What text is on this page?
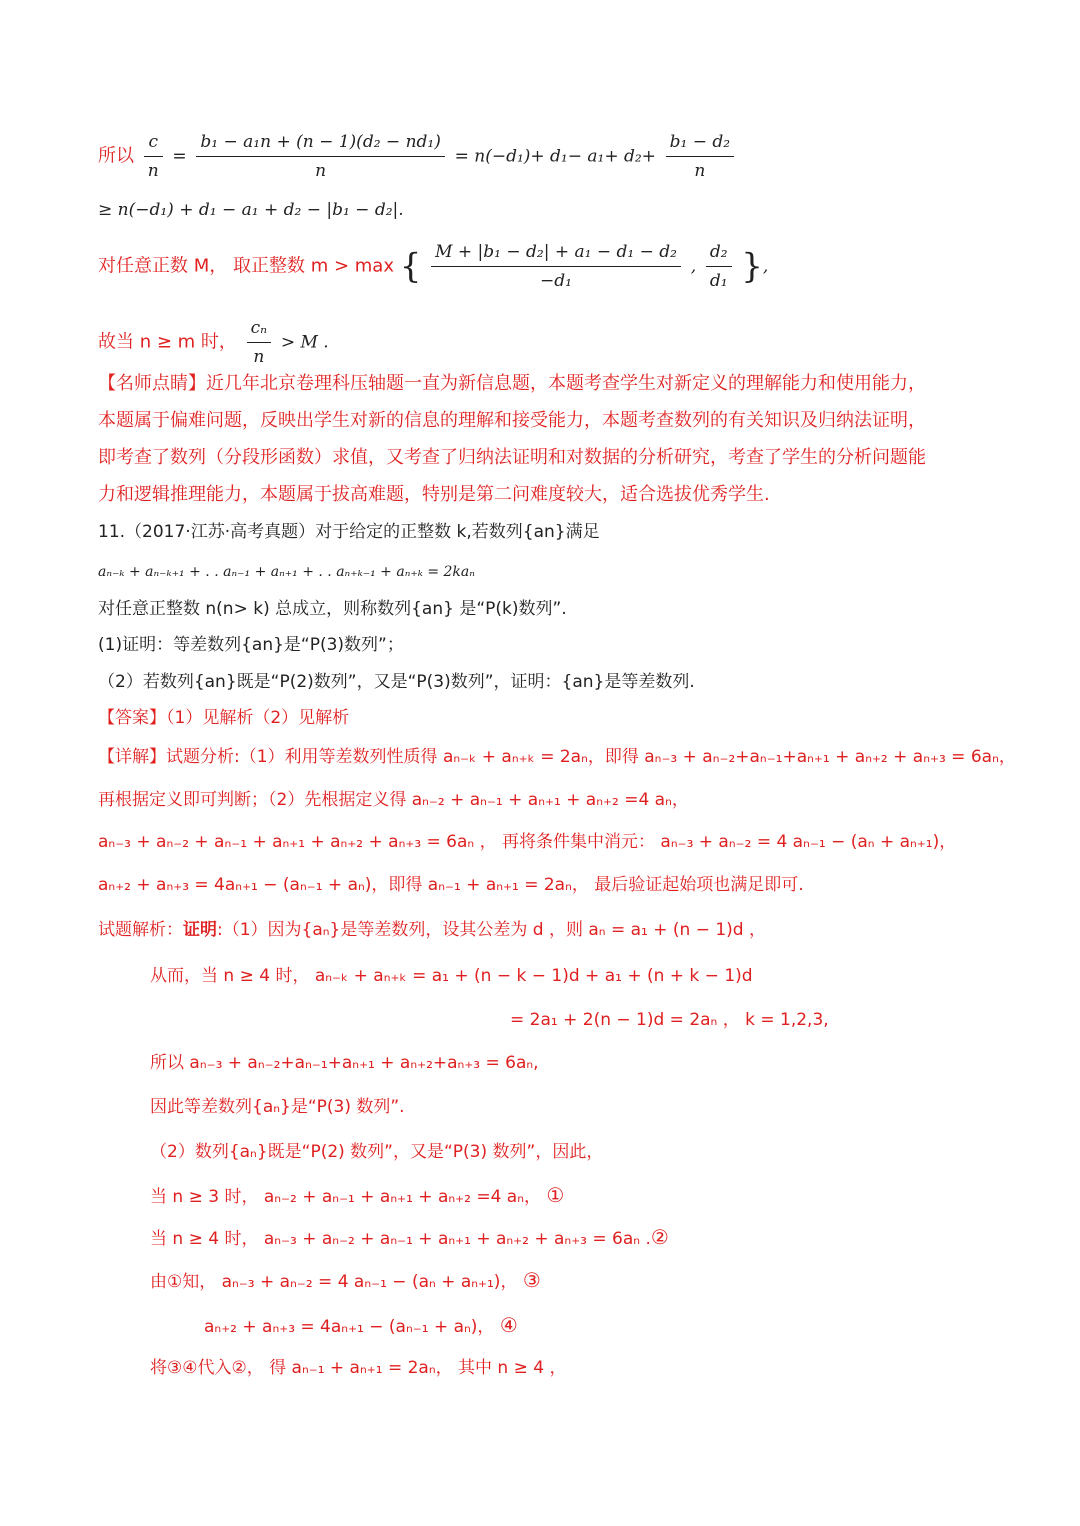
所以 $\frac{c}{n} = \frac{\text{b₁ − a₁n + (n − 1)(d₂ − nd₁)}}{n} = n(-d_1)+ d_1- a_1+ d_2+ \frac{\text{b₁ − d₂}}{n}$
≥ n(−d₁) + d₁ − a₁ + d₂ − |b₁ − d₂|.
对任意正数 M， 取正整数 m > max { $\frac{\text{M + |b₁ − d₂| + a₁ − d₁ − d₂}}{\text{−d₁}}$ , $\frac{\text{d₂}}{\text{d₁}}$ },
故当 n ≥ m 时， $\frac{\text{cₙ}}{n} > M$ .
【名师点睛】近几年北京卷理科压轴题一直为新信息题，本题考查学生对新定义的理解能力和使用能力，
本题属于偏难问题，反映出学生对新的信息的理解和接受能力，本题考查数列的有关知识及归纳法证明，
即考查了数列（分段形函数）求值，又考查了归纳法证明和对数据的分析研究，考查了学生的分析问题能
力和逻辑推理能力，本题属于拔高难题，特别是第二问难度较大，适合选拔优秀学生.
11.（2017·江苏·高考真题）对于给定的正整数 k,若数列{an}满足
aₙ₋ₖ + aₙ₋ₖ₊₁ + . . aₙ₋₁ + aₙ₊₁ + . . aₙ₊ₖ₋₁ + aₙ₊ₖ = 2kaₙ
对任意正整数 n(n> k) 总成立，则称数列{an} 是“P(k)数列”.
(1)证明：等差数列{an}是“P(3)数列”；
（2）若数列{an}既是“P(2)数列”，又是“P(3)数列”，证明：{an}是等差数列.
【答案】（1）见解析（2）见解析
【详解】试题分析:（1）利用等差数列性质得 aₙ₋ₖ + aₙ₊ₖ = 2aₙ，即得 aₙ₋₃ + aₙ₋₂+aₙ₋₁+aₙ₊₁ + aₙ₊₂ + aₙ₊₃ = 6aₙ，
再根据定义即可判断；（2）先根据定义得 aₙ₋₂ + aₙ₋₁ + aₙ₊₁ + aₙ₊₂ =4 aₙ，
aₙ₋₃ + aₙ₋₂ + aₙ₋₁ + aₙ₊₁ + aₙ₊₂ + aₙ₊₃ = 6aₙ ， 再将条件集中消元： aₙ₋₃ + aₙ₋₂ = 4 aₙ₋₁ − (aₙ + aₙ₊₁)，
aₙ₊₂ + aₙ₊₃ = 4aₙ₊₁ − (aₙ₋₁ + aₙ)，即得 aₙ₋₁ + aₙ₊₁ = 2aₙ， 最后验证起始项也满足即可.
试题解析：证明:（1）因为{aₙ}是等差数列，设其公差为 d ，则 aₙ = a₁ + (n − 1)d ，
从而，当 n ≥ 4 时， aₙ₋ₖ + aₙ₊ₖ = a₁ + (n − k − 1)d + a₁ + (n + k − 1)d
= 2a₁ + 2(n − 1)d = 2aₙ ， k = 1,2,3,
所以 aₙ₋₃ + aₙ₋₂+aₙ₋₁+aₙ₊₁ + aₙ₊₂+aₙ₊₃ = 6aₙ,
因此等差数列{aₙ}是“P(3) 数列”.
（2）数列{aₙ}既是“P(2) 数列”，又是“P(3) 数列”，因此，
当 n ≥ 3 时， aₙ₋₂ + aₙ₋₁ + aₙ₊₁ + aₙ₊₂ =4 aₙ， ①
当 n ≥ 4 时， aₙ₋₃ + aₙ₋₂ + aₙ₋₁ + aₙ₊₁ + aₙ₊₂ + aₙ₊₃ = 6aₙ .②
由①知， aₙ₋₃ + aₙ₋₂ = 4 aₙ₋₁ − (aₙ + aₙ₊₁)， ③
aₙ₊₂ + aₙ₊₃ = 4aₙ₊₁ − (aₙ₋₁ + aₙ)， ④
将③④代入②， 得 aₙ₋₁ + aₙ₊₁ = 2aₙ， 其中 n ≥ 4 ，
